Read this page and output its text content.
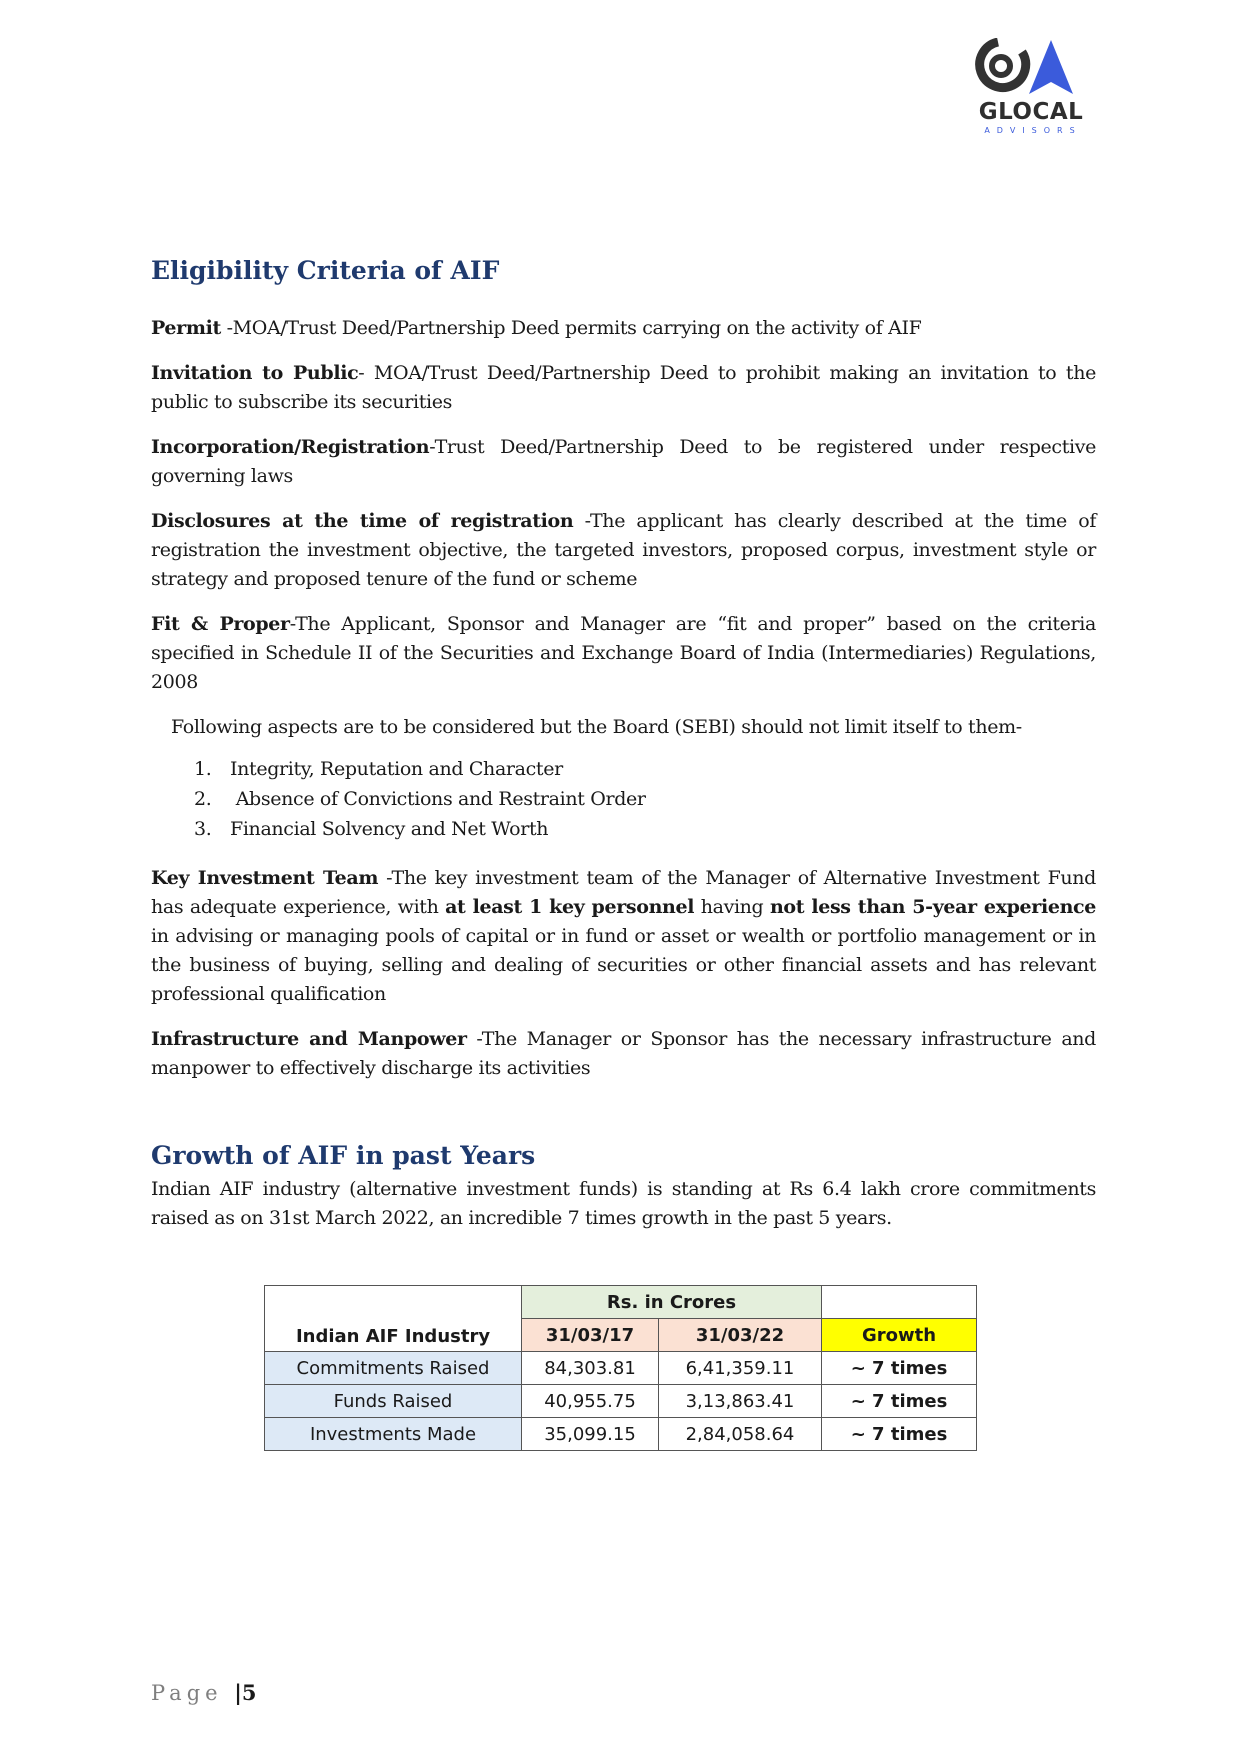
GLOCAL
ADVISORS
Eligibility Criteria of AIF

Permit -MOA/Trust Deed/Partnership Deed permits carrying on the activity of AIF

Invitation to Public- MOA/Trust Deed/Partnership Deed to prohibit making an invitation to the public to subscribe its securities

Incorporation/Registration-Trust Deed/Partnership Deed to be registered under respective governing laws

Disclosures at the time of registration -The applicant has clearly described at the time of registration the investment objective, the targeted investors, proposed corpus, investment style or strategy and proposed tenure of the fund or scheme

Fit & Proper-The Applicant, Sponsor and Manager are “fit and proper” based on the criteria specified in Schedule II of the Securities and Exchange Board of India (Intermediaries) Regulations, 2008

Following aspects are to be considered but the Board (SEBI) should not limit itself to them-

1. Integrity, Reputation and Character
2. Absence of Convictions and Restraint Order
3. Financial Solvency and Net Worth

Key Investment Team -The key investment team of the Manager of Alternative Investment Fund has adequate experience, with at least 1 key personnel having not less than 5-year experience in advising or managing pools of capital or in fund or asset or wealth or portfolio management or in the business of buying, selling and dealing of securities or other financial assets and has relevant professional qualification

Infrastructure and Manpower -The Manager or Sponsor has the necessary infrastructure and manpower to effectively discharge its activities

Growth of AIF in past Years

Indian AIF industry (alternative investment funds) is standing at Rs 6.4 lakh crore commitments raised as on 31st March 2022, an incredible 7 times growth in the past 5 years.

Indian AIF Industry	Rs. in Crores		
	31/03/17	31/03/22	Growth
Commitments Raised	84,303.81	6,41,359.11	~ 7 times
Funds Raised	40,955.75	3,13,863.41	~ 7 times
Investments Made	35,099.15	2,84,058.64	~ 7 times
Page |5
